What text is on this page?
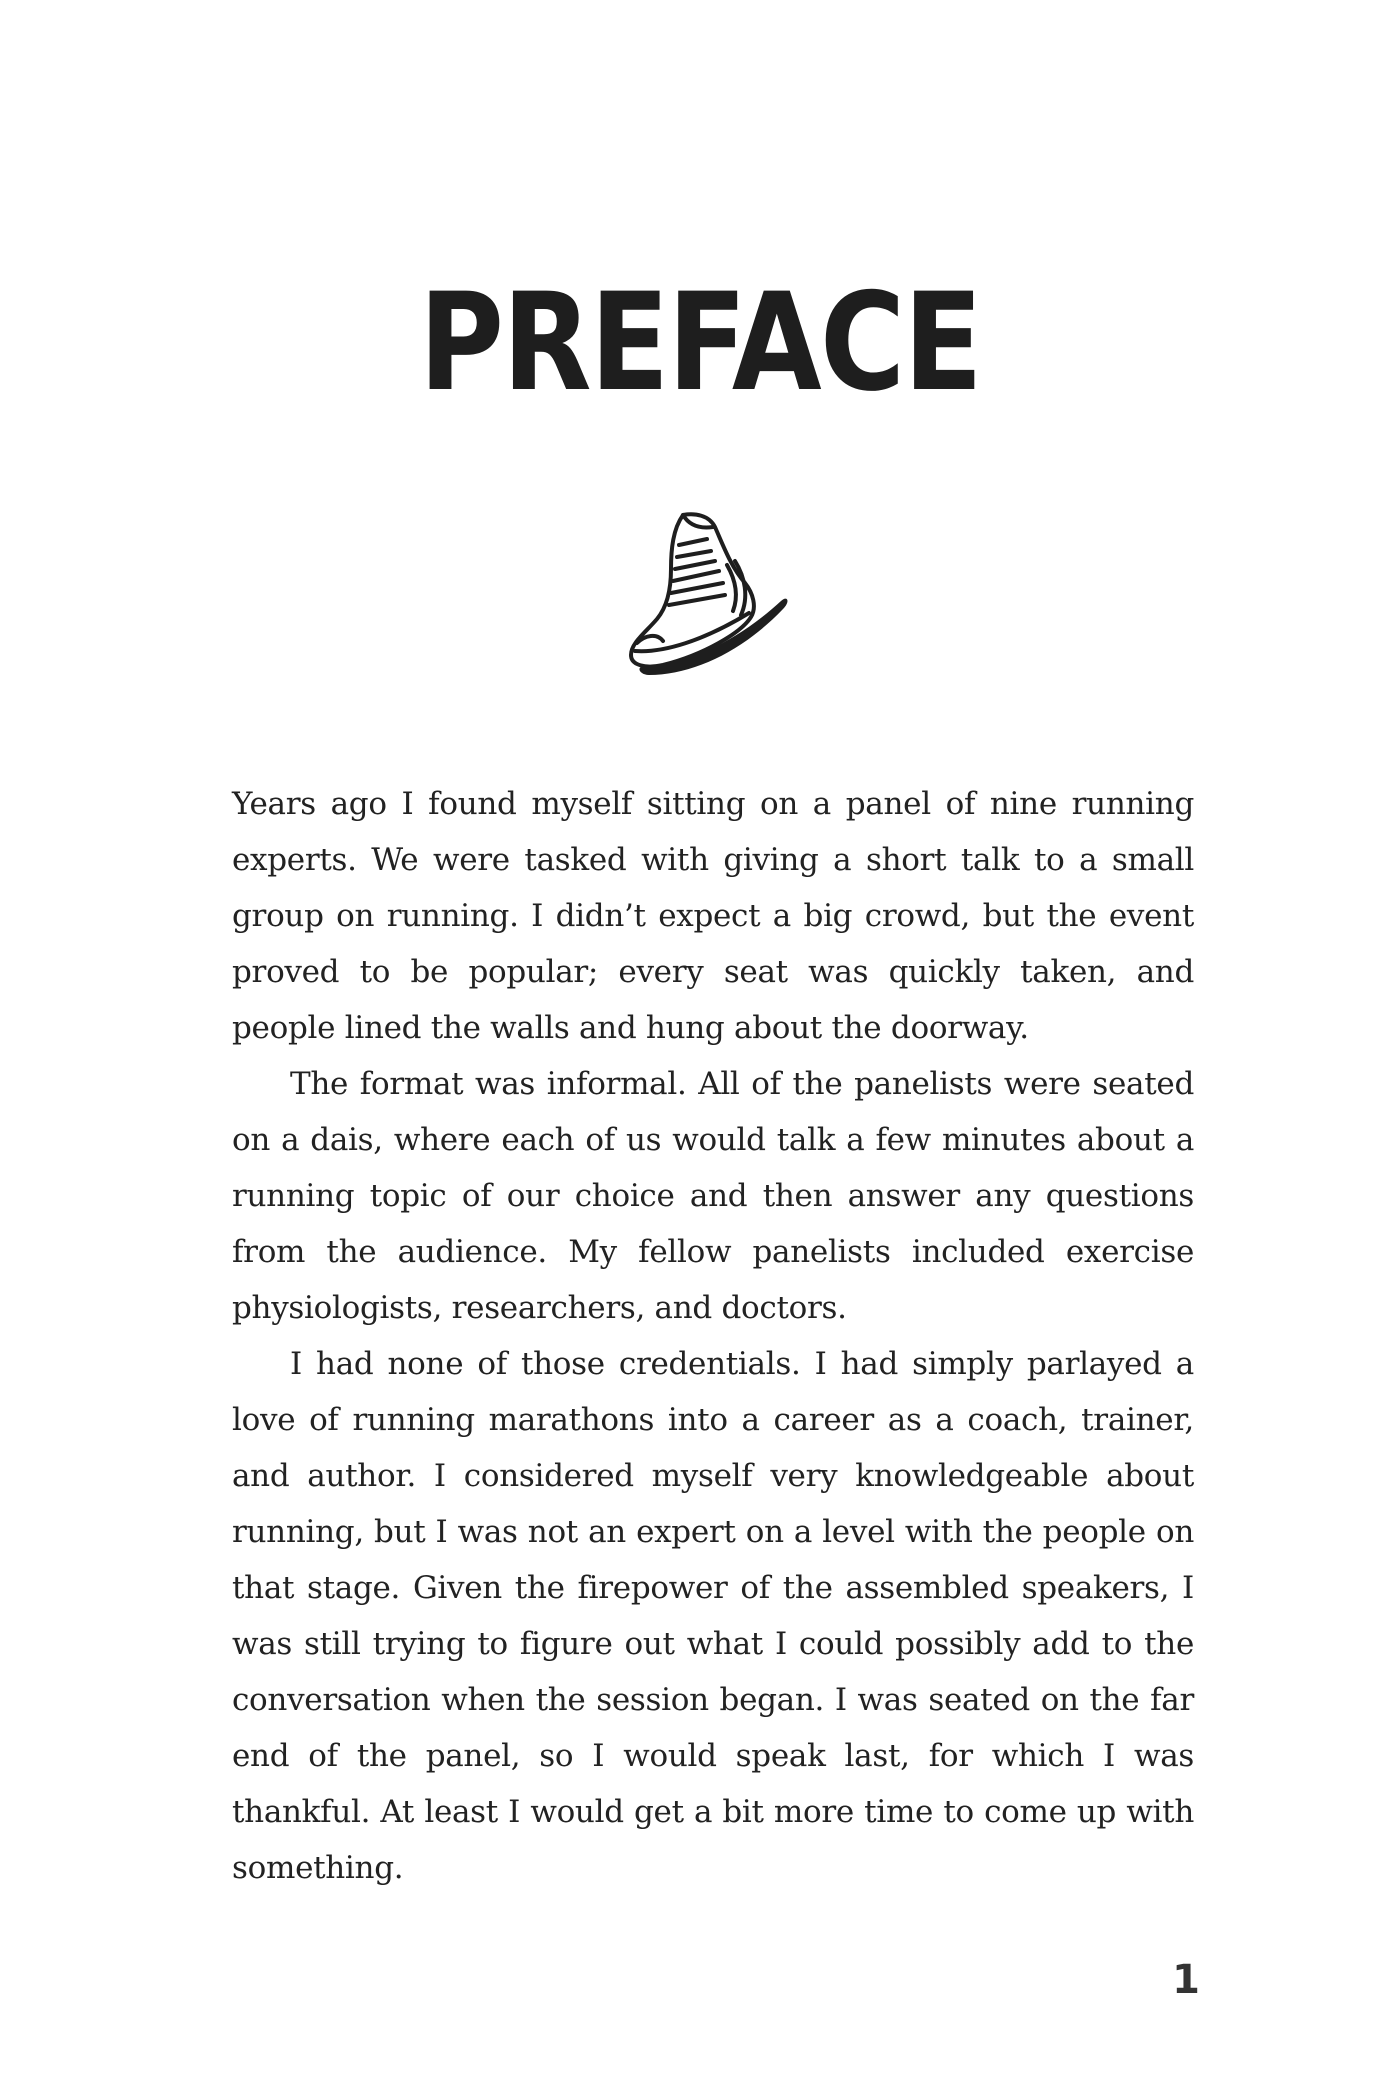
PREFACE

Years ago I found myself sitting on a panel of nine running experts. We were tasked with giving a short talk to a small group on running. I didn’t expect a big crowd, but the event proved to be popular; every seat was quickly taken, and people lined the walls and hung about the doorway.

The format was informal. All of the panelists were seated on a dais, where each of us would talk a few minutes about a running topic of our choice and then answer any questions from the audience. My fellow panelists included exercise physiologists, researchers, and doctors.

I had none of those credentials. I had simply parlayed a love of running marathons into a career as a coach, trainer, and author. I considered myself very knowledgeable about running, but I was not an expert on a level with the people on that stage. Given the firepower of the assembled speakers, I was still trying to figure out what I could possibly add to the conversation when the session began. I was seated on the far end of the panel, so I would speak last, for which I was thankful. At least I would get a bit more time to come up with something.

1
